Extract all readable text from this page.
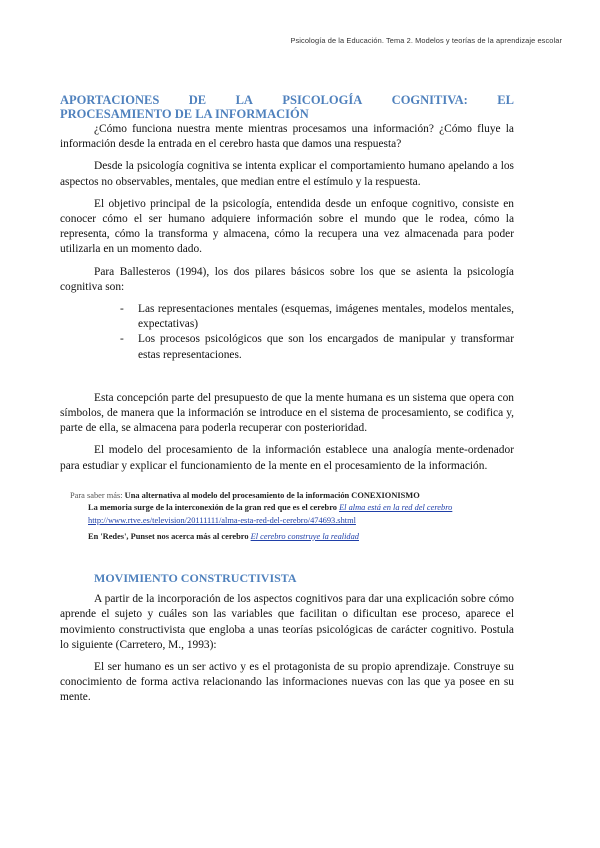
Psicología de la Educación. Tema 2. Modelos y teorías de la aprendizaje escolar
APORTACIONES DE LA PSICOLOGÍA COGNITIVA: EL
PROCESAMIENTO DE LA INFORMACIÓN

¿Cómo funciona nuestra mente mientras procesamos una información? ¿Cómo fluye la información desde la entrada en el cerebro hasta que damos una respuesta?

Desde la psicología cognitiva se intenta explicar el comportamiento humano apelando a los aspectos no observables, mentales, que median entre el estímulo y la respuesta.

El objetivo principal de la psicología, entendida desde un enfoque cognitivo, consiste en conocer cómo el ser humano adquiere información sobre el mundo que le rodea, cómo la representa, cómo la transforma y almacena, cómo la recupera una vez almacenada para poder utilizarla en un momento dado.

Para Ballesteros (1994), los dos pilares básicos sobre los que se asienta la psicología cognitiva son:

- Las representaciones mentales (esquemas, imágenes mentales, modelos mentales, expectativas)
- Los procesos psicológicos que son los encargados de manipular y transformar estas representaciones.

Esta concepción parte del presupuesto de que la mente humana es un sistema que opera con símbolos, de manera que la información se introduce en el sistema de procesamiento, se codifica y, parte de ella, se almacena para poderla recuperar con posterioridad.

El modelo del procesamiento de la información establece una analogía mente-ordenador para estudiar y explicar el funcionamiento de la mente en el procesamiento de la información.

Para saber más: Una alternativa al modelo del procesamiento de la información CONEXIONISMO
La memoria surge de la interconexión de la gran red que es el cerebro El alma está en la red del cerebro
http://www.rtve.es/television/20111111/alma-esta-red-del-cerebro/474693.shtml
En 'Redes', Punset nos acerca más al cerebro El cerebro construye la realidad
MOVIMIENTO CONSTRUCTIVISTA

A partir de la incorporación de los aspectos cognitivos para dar una explicación sobre cómo aprende el sujeto y cuáles son las variables que facilitan o dificultan ese proceso, aparece el movimiento constructivista que engloba a unas teorías psicológicas de carácter cognitivo. Postula lo siguiente (Carretero, M., 1993):

El ser humano es un ser activo y es el protagonista de su propio aprendizaje. Construye su conocimiento de forma activa relacionando las informaciones nuevas con las que ya posee en su mente.
